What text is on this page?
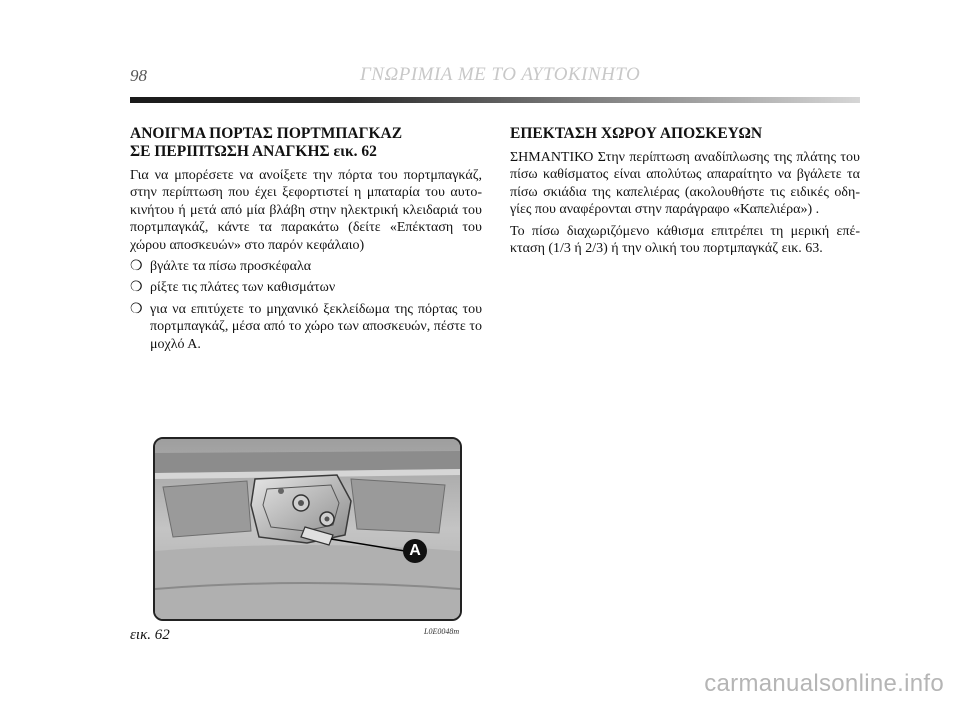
98	ΓΝΩΡΙΜΙΑ ΜΕ ΤΟ ΑΥΤΟΚΙΝΗΤΟ
ΑΝΟΙΓΜΑ ΠΟΡΤΑΣ ΠΟΡΤΜΠΑΓΚΑΖ
ΣΕ ΠΕΡΙΠΤΩΣΗ ΑΝΑΓΚΗΣ εικ. 62

Για να μπορέσετε να ανοίξετε την πόρτα του πορτμπαγκάζ, στην περίπτωση που έχει ξεφορτιστεί η μπαταρία του αυτο-κινήτου ή μετά από μία βλάβη στην ηλεκτρική κλειδαριά του πορτμπαγκάζ, κάντε τα παρακάτω (δείτε «Επέκταση του χώρου αποσκευών» στο παρόν κεφάλαιο)

❍ βγάλτε τα πίσω προσκέφαλα
❍ ρίξτε τις πλάτες των καθισμάτων
❍ για να επιτύχετε το μηχανικό ξεκλείδωμα της πόρτας του πορτμπαγκάζ, μέσα από το χώρο των αποσκευών, πέστε το μοχλό Α.
ΕΠΕΚΤΑΣΗ ΧΩΡΟΥ ΑΠΟΣΚΕΥΩΝ

ΣΗΜΑΝΤΙΚΟ Στην περίπτωση αναδίπλωσης της πλάτης του πίσω καθίσματος είναι απολύτως απαραίτητο να βγάλετε τα πίσω σκιάδια της καπελιέρας (ακολουθήστε τις ειδικές οδη-γίες που αναφέρονται στην παράγραφο «Καπελιέρα») .

Το πίσω διαχωριζόμενο κάθισμα επιτρέπει τη μερική επέ-κταση (1/3 ή 2/3) ή την ολική του πορτμπαγκάζ εικ. 63.

A
εικ. 62	L0E0048m
carmanualsonline.info
